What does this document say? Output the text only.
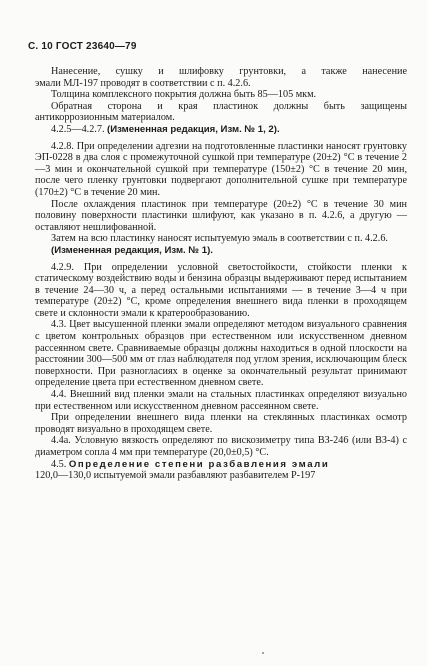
С. 10 ГОСТ 23640—79

Нанесение, сушку и шлифовку грунтовки, а также нанесение

эмали МЛ-197 проводят в соответствии с п. 4.2.6.

Толщина комплексного покрытия должна быть 85—105 мкм.

Обратная сторона и края пластинок должны быть защищены

антикоррозионным материалом.

4.2.5—4.2.7. (Измененная редакция, Изм. № 1, 2).

4.2.8. При определении адгезии на подготовленные пластинки наносят грунтовку ЭП-0228 в два слоя с промежуточной сушкой при температуре (20±2) °С в течение 2—3 мин и окончательной сушкой при температуре (150±2) °С в течение 20 мин, после чего пленку грунтовки подвергают дополнительной сушке при температуре (170±2) °С в течение 20 мин.

После охлаждения пластинок при температуре (20±2) °С в течение 30 мин половину поверхности пластинки шлифуют, как указано в п. 4.2.6, а другую — оставляют нешлифованной.

Затем на всю пластинку наносят испытуемую эмаль в соответствии с п. 4.2.6.

(Измененная редакция, Изм. № 1).

4.2.9. При определении условной светостойкости, стойкости пленки к статическому воздействию воды и бензина образцы выдерживают перед испытанием в течение 24—30 ч, а перед остальными испытаниями — в течение 3—4 ч при температуре (20±2) °С, кроме определения внешнего вида пленки в проходящем свете и склонности эмали к кратерообразованию.

4.3. Цвет высушенной пленки эмали определяют методом визуального сравнения с цветом контрольных образцов при естественном или искусственном дневном рассеянном свете. Сравниваемые образцы должны находиться в одной плоскости на расстоянии 300—500 мм от глаз наблюдателя под углом зрения, исключающим блеск поверхности. При разногласиях в оценке за окончательный результат принимают определение цвета при естественном дневном свете.

4.4. Внешний вид пленки эмали на стальных пластинках определяют визуально при естественном или искусственном дневном рассеянном свете.

При определении внешнего вида пленки на стеклянных пластинках осмотр проводят визуально в проходящем свете.

4.4а. Условную вязкость определяют по вискозиметру типа ВЗ-246 (или ВЗ-4) с диаметром сопла 4 мм при температуре (20,0±0,5) °С.

4.5. Определение степени разбавления эмали

120,0—130,0 испытуемой эмали разбавляют разбавителем Р-197
